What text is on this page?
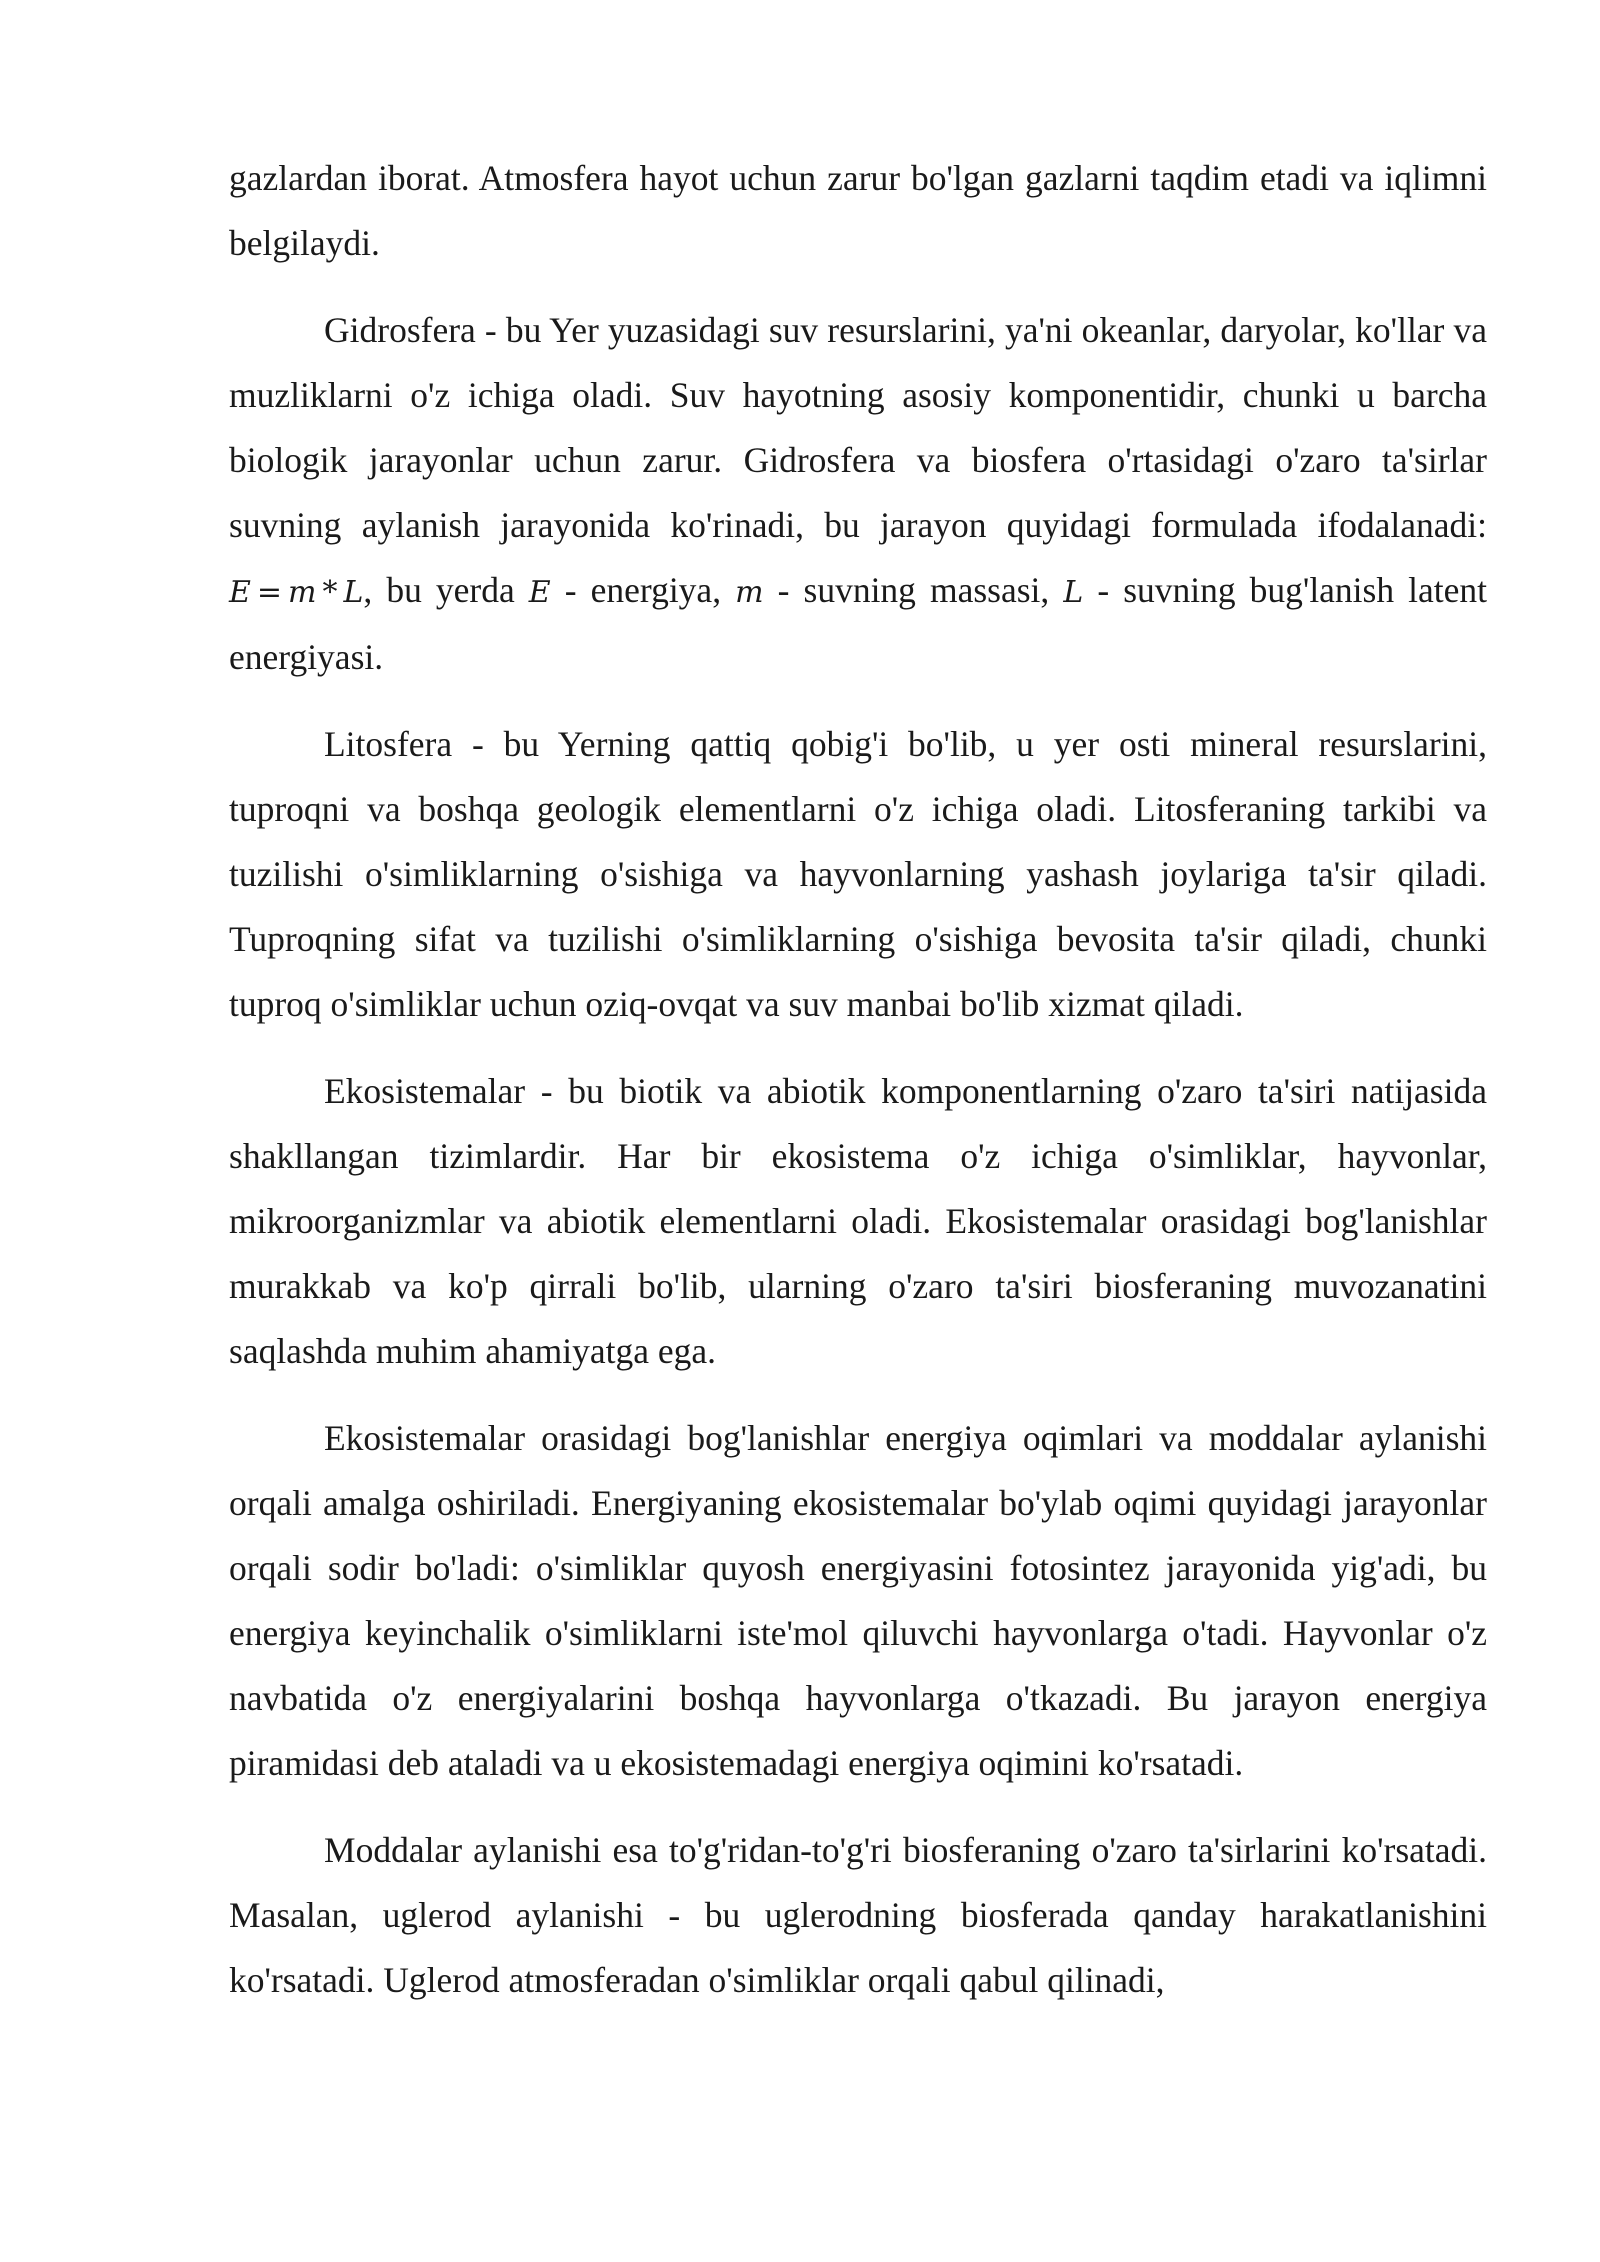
gazlardan iborat. Atmosfera hayot uchun zarur bo'lgan gazlarni taqdim etadi va iqlimni belgilaydi.

Gidrosfera - bu Yer yuzasidagi suv resurslarini, ya'ni okeanlar, daryolar, ko'llar va muzliklarni o'z ichiga oladi. Suv hayotning asosiy komponentidir, chunki u barcha biologik jarayonlar uchun zarur. Gidrosfera va biosfera o'rtasidagi o'zaro ta'sirlar suvning aylanish jarayonida ko'rinadi, bu jarayon quyidagi formulada ifodalanadi: E = m * L, bu yerda E - energiya, m - suvning massasi, L - suvning bug'lanish latent energiyasi.

Litosfera - bu Yerning qattiq qobig'i bo'lib, u yer osti mineral resurslarini, tuproqni va boshqa geologik elementlarni o'z ichiga oladi. Litosferaning tarkibi va tuzilishi o'simliklarning o'sishiga va hayvonlarning yashash joylariga ta'sir qiladi. Tuproqning sifat va tuzilishi o'simliklarning o'sishiga bevosita ta'sir qiladi, chunki tuproq o'simliklar uchun oziq-ovqat va suv manbai bo'lib xizmat qiladi.

Ekosistemalar - bu biotik va abiotik komponentlarning o'zaro ta'siri natijasida shakllangan tizimlardir. Har bir ekosistema o'z ichiga o'simliklar, hayvonlar, mikroorganizmlar va abiotik elementlarni oladi. Ekosistemalar orasidagi bog'lanishlar murakkab va ko'p qirrali bo'lib, ularning o'zaro ta'siri biosferaning muvozanatini saqlashda muhim ahamiyatga ega.

Ekosistemalar orasidagi bog'lanishlar energiya oqimlari va moddalar aylanishi orqali amalga oshiriladi. Energiyaning ekosistemalar bo'ylab oqimi quyidagi jarayonlar orqali sodir bo'ladi: o'simliklar quyosh energiyasini fotosintez jarayonida yig'adi, bu energiya keyinchalik o'simliklarni iste'mol qiluvchi hayvonlarga o'tadi. Hayvonlar o'z navbatida o'z energiyalarini boshqa hayvonlarga o'tkazadi. Bu jarayon energiya piramidasi deb ataladi va u ekosistemadagi energiya oqimini ko'rsatadi.

Moddalar aylanishi esa to'g'ridan-to'g'ri biosferaning o'zaro ta'sirlarini ko'rsatadi. Masalan, uglerod aylanishi - bu uglerodning biosferada qanday harakatlanishini ko'rsatadi. Uglerod atmosferadan o'simliklar orqali qabul qilinadi,
